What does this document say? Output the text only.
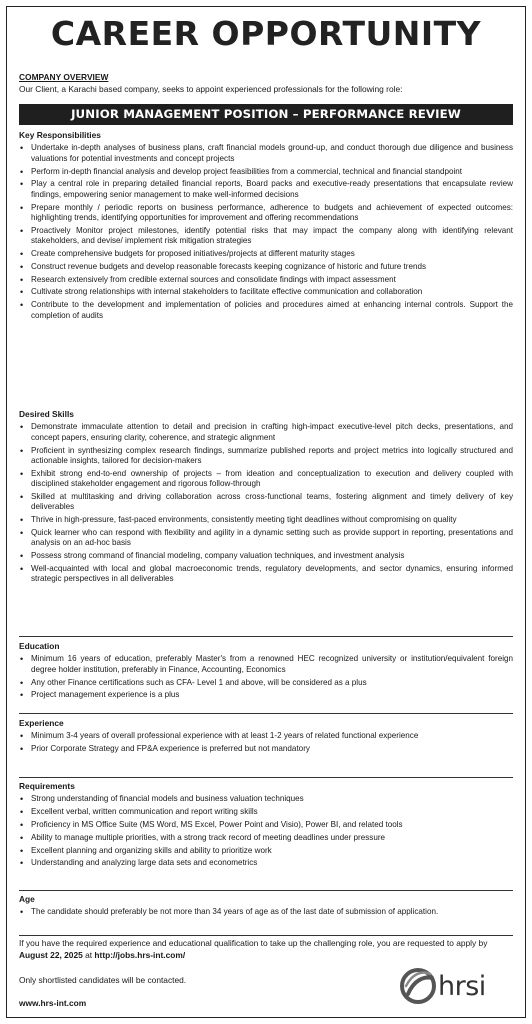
CAREER OPPORTUNITY
COMPANY OVERVIEW
Our Client, a Karachi based company, seeks to appoint experienced professionals for the following role:
JUNIOR MANAGEMENT POSITION – PERFORMANCE REVIEW
Key Responsibilities
• Undertake in-depth analyses of business plans, craft financial models ground-up, and conduct thorough due diligence and business valuations for potential investments and concept projects
• Perform in-depth financial analysis and develop project feasibilities from a commercial, technical and financial standpoint
• Play a central role in preparing detailed financial reports, Board packs and executive-ready presentations that encapsulate review findings, empowering senior management to make well-informed decisions
• Prepare monthly / periodic reports on business performance, adherence to budgets and achievement of expected outcomes: highlighting trends, identifying opportunities for improvement and offering recommendations
• Proactively Monitor project milestones, identify potential risks that may impact the company along with identifying relevant stakeholders, and devise/ implement risk mitigation strategies
• Create comprehensive budgets for proposed initiatives/projects at different maturity stages
• Construct revenue budgets and develop reasonable forecasts keeping cognizance of historic and future trends
• Research extensively from credible external sources and consolidate findings with impact assessment
• Cultivate strong relationships with internal stakeholders to facilitate effective communication and collaboration
• Contribute to the development and implementation of policies and procedures aimed at enhancing internal controls. Support the completion of audits
Desired Skills
• Demonstrate immaculate attention to detail and precision in crafting high-impact executive-level pitch decks, presentations, and concept papers, ensuring clarity, coherence, and strategic alignment
• Proficient in synthesizing complex research findings, summarize published reports and project metrics into logically structured and actionable insights, tailored for decision-makers
• Exhibit strong end-to-end ownership of projects – from ideation and conceptualization to execution and delivery coupled with disciplined stakeholder engagement and rigorous follow-through
• Skilled at multitasking and driving collaboration across cross-functional teams, fostering alignment and timely delivery of key deliverables
• Thrive in high-pressure, fast-paced environments, consistently meeting tight deadlines without compromising on quality
• Quick learner who can respond with flexibility and agility in a dynamic setting such as provide support in reporting, presentations and analysis on an ad-hoc basis
• Possess strong command of financial modeling, company valuation techniques, and investment analysis
• Well-acquainted with local and global macroeconomic trends, regulatory developments, and sector dynamics, ensuring informed strategic perspectives in all deliverables
Education
• Minimum 16 years of education, preferably Master's from a renowned HEC recognized university or institution/equivalent foreign degree holder institution, preferably in Finance, Accounting, Economics
• Any other Finance certifications such as CFA- Level 1 and above, will be considered as a plus
• Project management experience is a plus
Experience
• Minimum 3-4 years of overall professional experience with at least 1-2 years of related functional experience
• Prior Corporate Strategy and FP&A experience is preferred but not mandatory
Requirements
• Strong understanding of financial models and business valuation techniques
• Excellent verbal, written communication and report writing skills
• Proficiency in MS Office Suite (MS Word, MS Excel, Power Point and Visio), Power BI, and related tools
• Ability to manage multiple priorities, with a strong track record of meeting deadlines under pressure
• Excellent planning and organizing skills and ability to prioritize work
• Understanding and analyzing large data sets and econometrics
Age
• The candidate should preferably be not more than 34 years of age as of the last date of submission of application.
If you have the required experience and educational qualification to take up the challenging role, you are requested to apply by August 22, 2025 at http://jobs.hrs-int.com/
Only shortlisted candidates will be contacted.
www.hrs-int.com
hrsi
